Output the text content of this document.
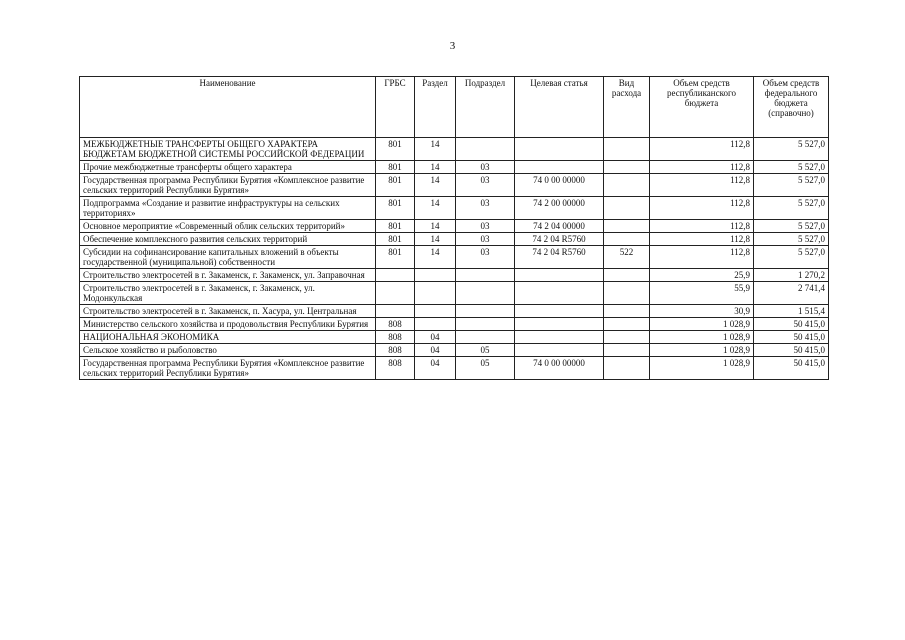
3
Наименование	ГРБС	Раздел	Подраздел	Целевая статья	Вид расхода	Объем средств республиканского бюджета	Объем средств федерального бюджета (справочно)
МЕЖБЮДЖЕТНЫЕ ТРАНСФЕРТЫ ОБЩЕГО ХАРАКТЕРА БЮДЖЕТАМ БЮДЖЕТНОЙ СИСТЕМЫ РОССИЙСКОЙ ФЕДЕРАЦИИ	801	14				112,8	5 527,0
Прочие межбюджетные трансферты общего характера	801	14	03			112,8	5 527,0
Государственная программа Республики Бурятия «Комплексное развитие сельских территорий Республики Бурятия»	801	14	03	74 0 00 00000		112,8	5 527,0
Подпрограмма «Создание и развитие инфраструктуры на сельских территориях»	801	14	03	74 2 00 00000		112,8	5 527,0
Основное мероприятие «Современный облик сельских территорий»	801	14	03	74 2 04 00000		112,8	5 527,0
Обеспечение комплексного развития сельских территорий	801	14	03	74 2 04 R5760		112,8	5 527,0
Субсидии на софинансирование капитальных вложений в объекты государственной (муниципальной) собственности	801	14	03	74 2 04 R5760	522	112,8	5 527,0
Строительство электросетей в г. Закаменск, г. Закаменск, ул. Заправочная						25,9	1 270,2
Строительство электросетей в г. Закаменск, г. Закаменск, ул. Модонкульская						55,9	2 741,4
Строительство электросетей в г. Закаменск, п. Хасура, ул. Центральная						30,9	1 515,4
Министерство сельского хозяйства и продовольствия Республики Бурятия	808					1 028,9	50 415,0
НАЦИОНАЛЬНАЯ ЭКОНОМИКА	808	04				1 028,9	50 415,0
Сельское хозяйство и рыболовство	808	04	05			1 028,9	50 415,0
Государственная программа Республики Бурятия «Комплексное развитие сельских территорий Республики Бурятия»	808	04	05	74 0 00 00000		1 028,9	50 415,0
